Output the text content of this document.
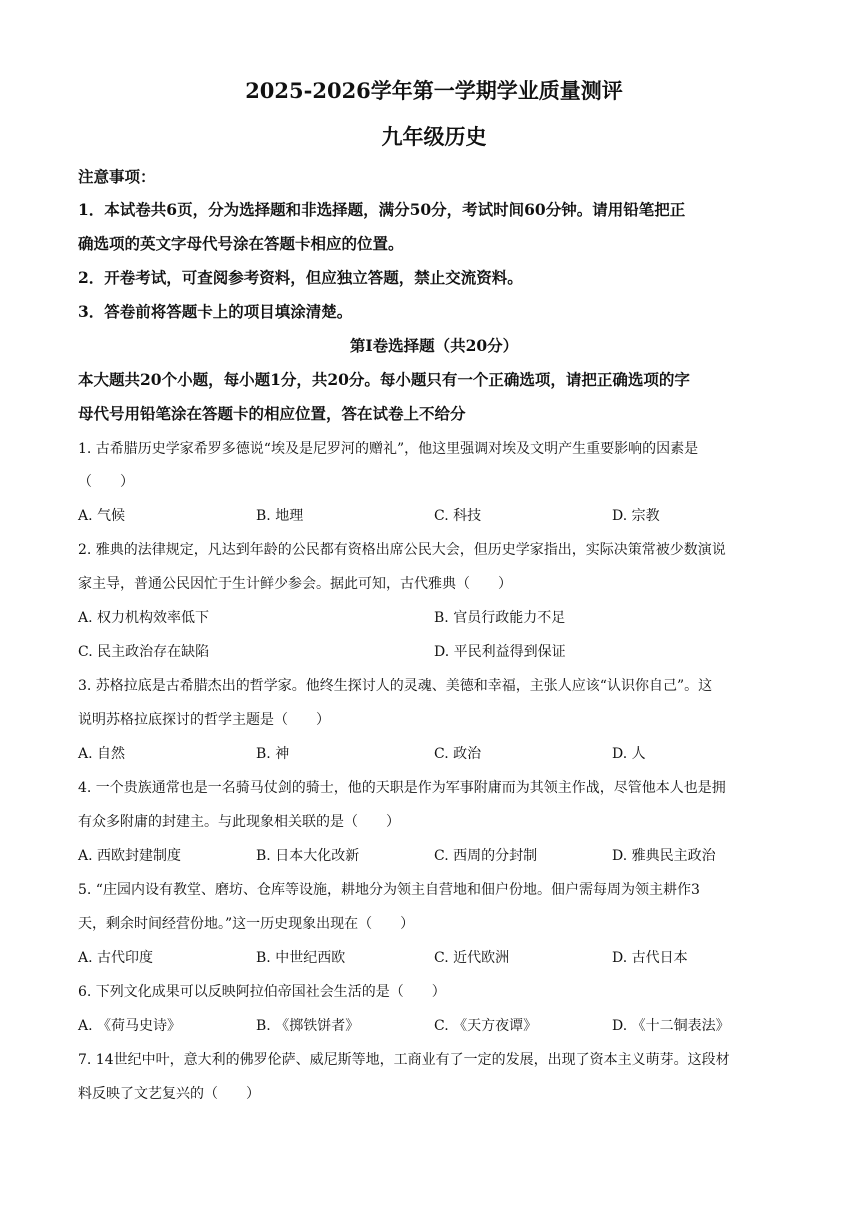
2025-2026学年第一学期学业质量测评
九年级历史
注意事项：
1．本试卷共6页，分为选择题和非选择题，满分50分，考试时间60分钟。请用铅笔把正
确选项的英文字母代号涂在答题卡相应的位置。
2．开卷考试，可查阅参考资料，但应独立答题，禁止交流资料。
3．答卷前将答题卡上的项目填涂清楚。
第I卷选择题（共20分）
本大题共20个小题，每小题1分，共20分。每小题只有一个正确选项，请把正确选项的字
母代号用铅笔涂在答题卡的相应位置，答在试卷上不给分
1. 古希腊历史学家希罗多德说“埃及是尼罗河的赠礼”，他这里强调对埃及文明产生重要影响的因素是
（　　）
A. 气候	B. 地理	C. 科技	D. 宗教
2. 雅典的法律规定，凡达到年龄的公民都有资格出席公民大会，但历史学家指出，实际决策常被少数演说
家主导，普通公民因忙于生计鲜少参会。据此可知，古代雅典（　　）
A. 权力机构效率低下	B. 官员行政能力不足
C. 民主政治存在缺陷	D. 平民利益得到保证
3. 苏格拉底是古希腊杰出的哲学家。他终生探讨人的灵魂、美德和幸福，主张人应该“认识你自己”。这
说明苏格拉底探讨的哲学主题是（　　）
A. 自然	B. 神	C. 政治	D. 人
4. 一个贵族通常也是一名骑马仗剑的骑士，他的天职是作为军事附庸而为其领主作战，尽管他本人也是拥
有众多附庸的封建主。与此现象相关联的是（　　）
A. 西欧封建制度	B. 日本大化改新	C. 西周的分封制	D. 雅典民主政治
5. “庄园内设有教堂、磨坊、仓库等设施，耕地分为领主自营地和佃户份地。佃户需每周为领主耕作3
天，剩余时间经营份地。”这一历史现象出现在（　　）
A. 古代印度	B. 中世纪西欧	C. 近代欧洲	D. 古代日本
6. 下列文化成果可以反映阿拉伯帝国社会生活的是（　　）
A. 《荷马史诗》	B. 《掷铁饼者》	C. 《天方夜谭》	D. 《十二铜表法》
7. 14世纪中叶，意大利的佛罗伦萨、威尼斯等地，工商业有了一定的发展，出现了资本主义萌芽。这段材
料反映了文艺复兴的（　　）
